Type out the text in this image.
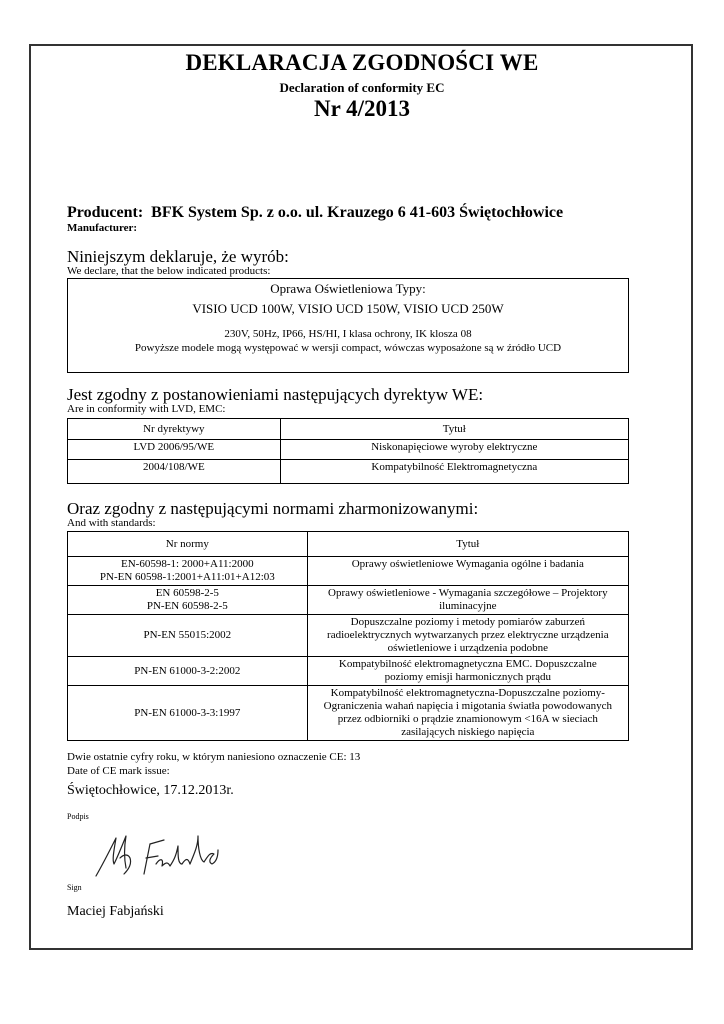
DEKLARACJA ZGODNOŚCI WE
Declaration of conformity EC
Nr 4/2013
Producent: BFK System Sp. z o.o. ul. Krauzego 6 41-603 Świętochłowice
Manufacturer:
Niniejszym deklaruje, że wyrób:
We declare, that the below indicated products:
Oprawa Oświetleniowa Typy:
VISIO UCD 100W, VISIO UCD 150W, VISIO UCD 250W
230V, 50Hz, IP66, HS/HI, I klasa ochrony, IK klosza 08
Powyższe modele mogą występować w wersji compact, wówczas wyposażone są w źródło UCD
Jest zgodny z postanowieniami następujących dyrektyw WE:
Are in conformity with LVD, EMC:
Nr dyrektywy	Tytuł
LVD 2006/95/WE	Niskonapięciowe wyroby elektryczne
2004/108/WE	Kompatybilność Elektromagnetyczna
Oraz zgodny z następującymi normami zharmonizowanymi:
And with standards:
Nr normy	Tytuł
EN-60598-1: 2000+A11:2000
PN-EN 60598-1:2001+A11:01+A12:03	Oprawy oświetleniowe Wymagania ogólne i badania
EN 60598-2-5
PN-EN 60598-2-5	Oprawy oświetleniowe - Wymagania szczegółowe – Projektory
iluminacyjne
PN-EN 55015:2002	Dopuszczalne poziomy i metody pomiarów zaburzeń
radioelektrycznych wytwarzanych przez elektryczne urządzenia
oświetleniowe i urządzenia podobne
PN-EN 61000-3-2:2002	Kompatybilność elektromagnetyczna EMC. Dopuszczalne
poziomy emisji harmonicznych prądu
PN-EN 61000-3-3:1997	Kompatybilność elektromagnetyczna-Dopuszczalne poziomy-
Ograniczenia wahań napięcia i migotania światła powodowanych
przez odbiorniki o prądzie znamionowym <16A w sieciach
zasilających niskiego napięcia
Dwie ostatnie cyfry roku, w którym naniesiono oznaczenie CE: 13
Date of CE mark issue:
Świętochłowice, 17.12.2013r.
Podpis
Sign
Maciej Fabjański
